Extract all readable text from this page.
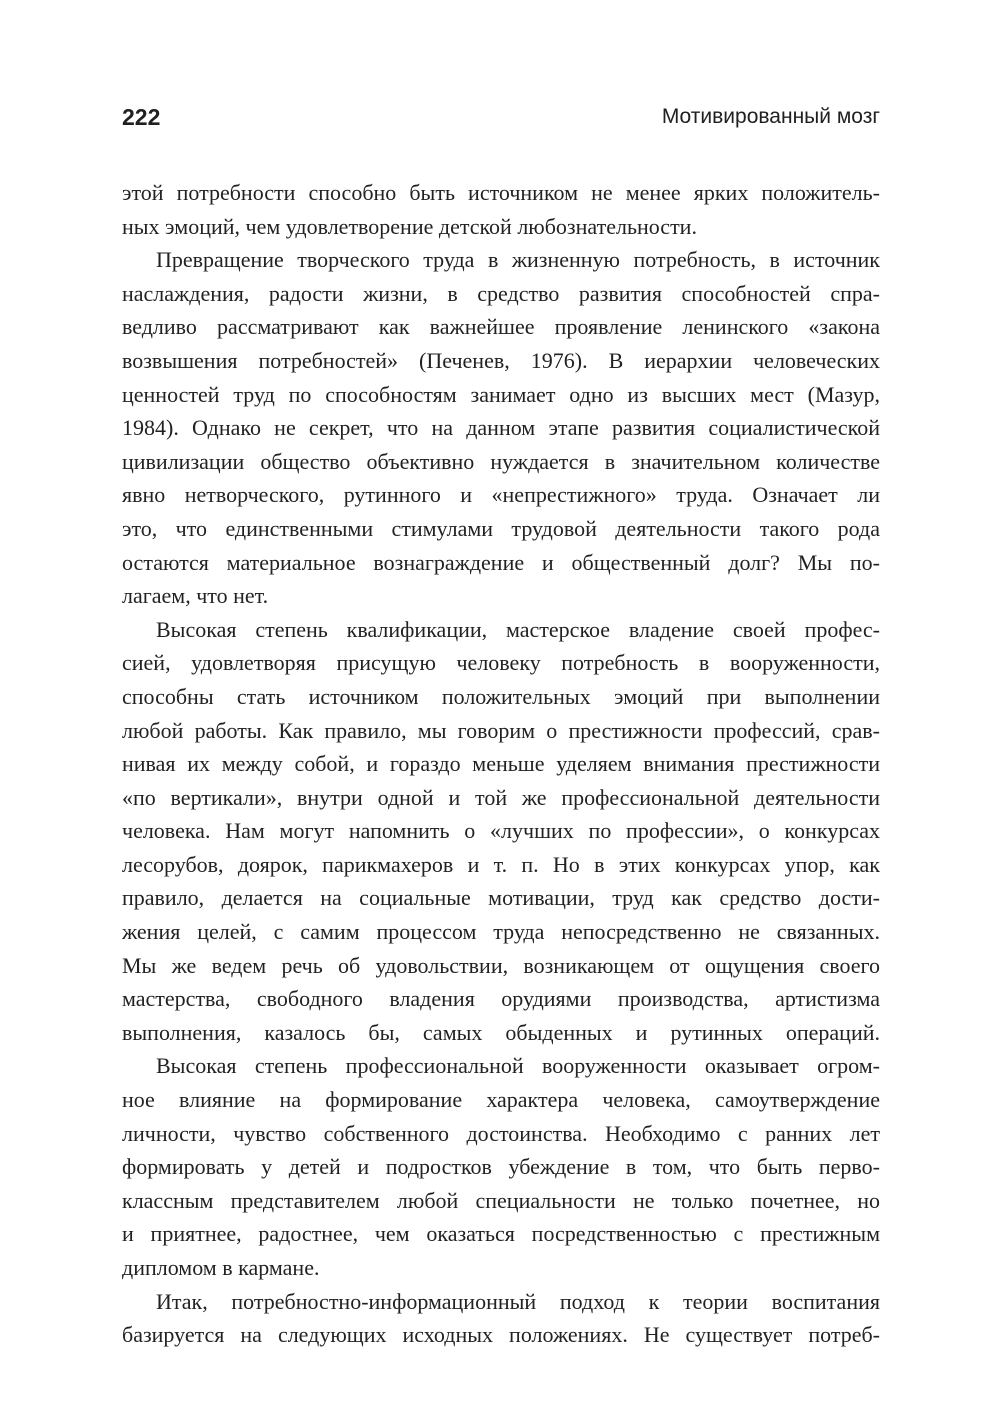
222	Мотивированный мозг
этой потребности способно быть источником не менее ярких положитель-
ных эмоций, чем удовлетворение детской любознательности.
Превращение творческого труда в жизненную потребность, в источник
наслаждения, радости жизни, в средство развития способностей спра-
ведливо рассматривают как важнейшее проявление ленинского «закона
возвышения потребностей» (Печенев, 1976). В иерархии человеческих
ценностей труд по способностям занимает одно из высших мест (Мазур,
1984). Однако не секрет, что на данном этапе развития социалистической
цивилизации общество объективно нуждается в значительном количестве
явно нетворческого, рутинного и «непрестижного» труда. Означает ли
это, что единственными стимулами трудовой деятельности такого рода
остаются материальное вознаграждение и общественный долг? Мы по-
лагаем, что нет.
Высокая степень квалификации, мастерское владение своей профес-
сией, удовлетворяя присущую человеку потребность в вооруженности,
способны стать источником положительных эмоций при выполнении
любой работы. Как правило, мы говорим о престижности профессий, срав-
нивая их между собой, и гораздо меньше уделяем внимания престижности
«по вертикали», внутри одной и той же профессиональной деятельности
человека. Нам могут напомнить о «лучших по профессии», о конкурсах
лесорубов, доярок, парикмахеров и т. п. Но в этих конкурсах упор, как
правило, делается на социальные мотивации, труд как средство дости-
жения целей, с самим процессом труда непосредственно не связанных.
Мы же ведем речь об удовольствии, возникающем от ощущения своего
мастерства, свободного владения орудиями производства, артистизма
выполнения, казалось бы, самых обыденных и рутинных операций.
Высокая степень профессиональной вооруженности оказывает огром-
ное влияние на формирование характера человека, самоутверждение
личности, чувство собственного достоинства. Необходимо с ранних лет
формировать у детей и подростков убеждение в том, что быть перво-
классным представителем любой специальности не только почетнее, но
и приятнее, радостнее, чем оказаться посредственностью с престижным
дипломом в кармане.
Итак, потребностно-информационный подход к теории воспитания
базируется на следующих исходных положениях. Не существует потреб-
